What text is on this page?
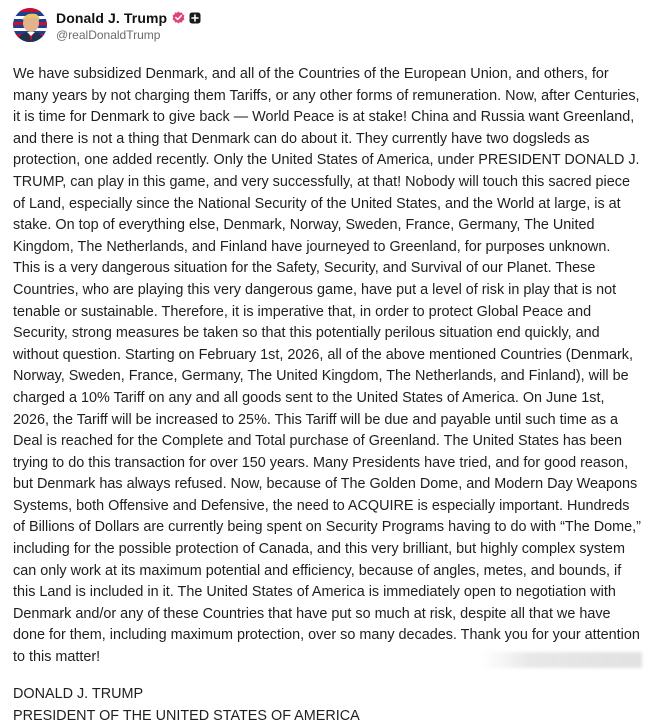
Donald J. Trump
@realDonaldTrump
We have subsidized Denmark, and all of the Countries of the European Union, and others, for many years by not charging them Tariffs, or any other forms of remuneration. Now, after Centuries, it is time for Denmark to give back — World Peace is at stake! China and Russia want Greenland, and there is not a thing that Denmark can do about it. They currently have two dogsleds as protection, one added recently. Only the United States of America, under PRESIDENT DONALD J. TRUMP, can play in this game, and very successfully, at that! Nobody will touch this sacred piece of Land, especially since the National Security of the United States, and the World at large, is at stake. On top of everything else, Denmark, Norway, Sweden, France, Germany, The United Kingdom, The Netherlands, and Finland have journeyed to Greenland, for purposes unknown. This is a very dangerous situation for the Safety, Security, and Survival of our Planet. These Countries, who are playing this very dangerous game, have put a level of risk in play that is not tenable or sustainable. Therefore, it is imperative that, in order to protect Global Peace and Security, strong measures be taken so that this potentially perilous situation end quickly, and without question. Starting on February 1st, 2026, all of the above mentioned Countries (Denmark, Norway, Sweden, France, Germany, The United Kingdom, The Netherlands, and Finland), will be charged a 10% Tariff on any and all goods sent to the United States of America. On June 1st, 2026, the Tariff will be increased to 25%. This Tariff will be due and payable until such time as a Deal is reached for the Complete and Total purchase of Greenland. The United States has been trying to do this transaction for over 150 years. Many Presidents have tried, and for good reason, but Denmark has always refused. Now, because of The Golden Dome, and Modern Day Weapons Systems, both Offensive and Defensive, the need to ACQUIRE is especially important. Hundreds of Billions of Dollars are currently being spent on Security Programs having to do with “The Dome,” including for the possible protection of Canada, and this very brilliant, but highly complex system can only work at its maximum potential and efficiency, because of angles, metes, and bounds, if this Land is included in it. The United States of America is immediately open to negotiation with Denmark and/or any of these Countries that have put so much at risk, despite all that we have done for them, including maximum protection, over so many decades. Thank you for your attention to this matter!
DONALD J. TRUMP
PRESIDENT OF THE UNITED STATES OF AMERICA
